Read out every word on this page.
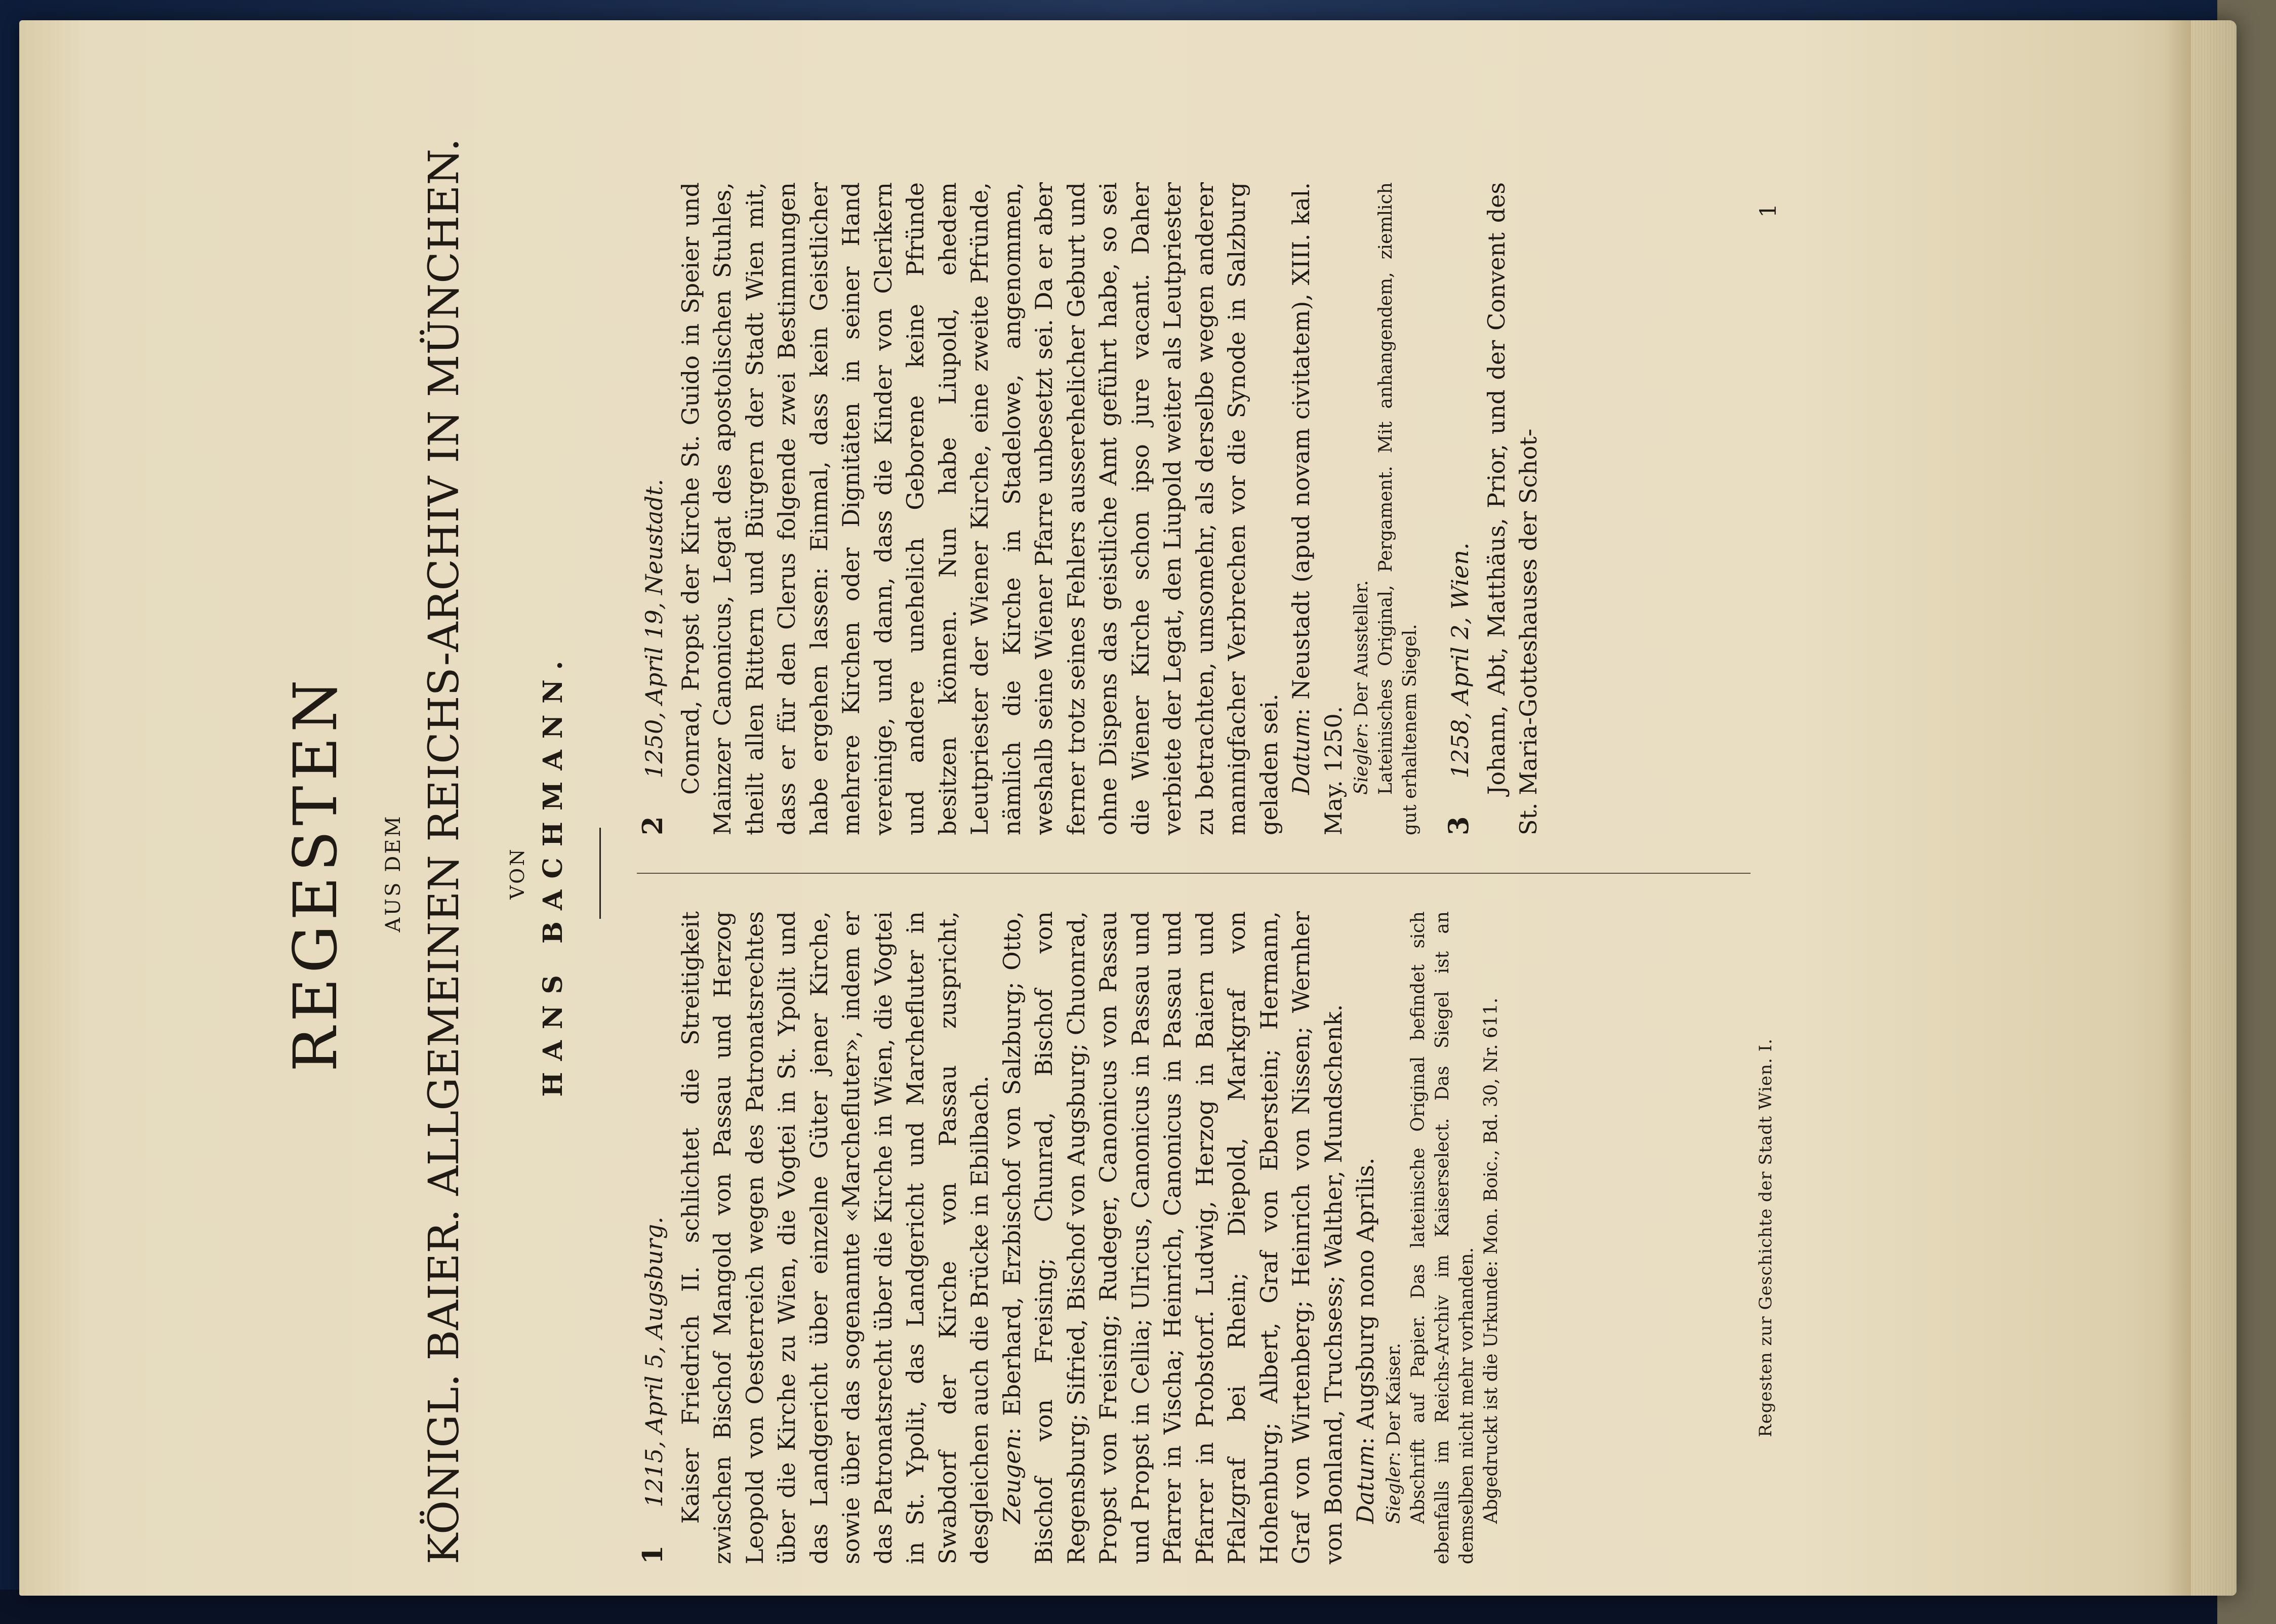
REGESTEN AUS DEM KÖNIGL. BAIER. ALLGEMEINEN REICHS-ARCHIV IN MÜNCHEN. VON HANS BACHMANN.
1 1215, April 5, Augsburg. Kaiser Friedrich II. schlichtet die Streitigkeit zwischen Bischof Mangold von Passau und Herzog Leopold von Oesterreich wegen des Patronatsrechtes über die Kirche zu Wien, die Vogtei in St. Ypolit und das Landgericht über einzelne Güter jener Kirche, sowie über das sogenannte «Marchefluter», indem er das Patronatsrecht über die Kirche in Wien, die Vogtei in St. Ypolit, das Landgericht und Marchefluter in Swabdorf der Kirche von Passau zuspricht, desgleichen auch die Brücke in Ebilbach. Zeugen: Eberhard, Erzbischof von Salzburg; Otto, Bischof von Freising; Chunrad, Bischof von Regensburg; Sifried, Bischof von Augsburg; Chuonrad, Propst von Freising; Rudeger, Canonicus von Passau und Propst in Cellia; Ulricus, Canonicus in Passau und Pfarrer in Vischa; Heinrich, Canonicus in Passau und Pfarrer in Probstorf. Ludwig, Herzog in Baiern und Pfalzgraf bei Rhein; Diepold, Markgraf von Hohenburg; Albert, Graf von Eberstein; Hermann, Graf von Wirtenberg; Heinrich von Nissen; Wernher von Bonland, Truchsess; Walther, Mundschenk. Datum: Augsburg nono Aprilis.
Siegler: Der Kaiser. Abschrift auf Papier. Das lateinische Original befindet sich ebenfalls im Reichs-Archiv im Kaiserselect. Das Siegel ist an demselben nicht mehr vorhanden. Abgedruckt ist die Urkunde: Mon. Boic., Bd. 30, Nr. 611.
2 1250, April 19, Neustadt. Conrad, Propst der Kirche St. Guido in Speier und Mainzer Canonicus, Legat des apostolischen Stuhles, theilt allen Rittern und Bürgern der Stadt Wien mit, dass er für den Clerus folgende zwei Bestimmungen habe ergehen lassen: Einmal, dass kein Geistlicher mehrere Kirchen oder Dignitäten in seiner Hand vereinige, und dann, dass die Kinder von Clerikern und andere unehelich Geborene keine Pfründe besitzen können. Nun habe Liupold, ehedem Leutpriester der Wiener Kirche, eine zweite Pfründe, nämlich die Kirche in Stadelowe, angenommen, weshalb seine Wiener Pfarre unbesetzt sei. Da er aber ferner trotz seines Fehlers ausserehelicher Geburt und ohne Dispens das geistliche Amt geführt habe, so sei die Wiener Kirche schon ipso jure vacant. Daher verbiete der Legat, den Liupold weiter als Leutpriester zu betrachten, umsomehr, als derselbe wegen anderer mannigfacher Verbrechen vor die Synode in Salzburg geladen sei. Datum: Neustadt (apud novam civitatem), XIII. kal. May. 1250. Siegler: Der Aussteller. Lateinisches Original, Pergament. Mit anhangendem, ziemlich gut erhaltenem Siegel. 3 1258, April 2, Wien. Johann, Abt, Matthäus, Prior, und der Convent des St. Maria-Gotteshauses der Schot-
Regesten zur Geschichte der Stadt Wien. I.
1
